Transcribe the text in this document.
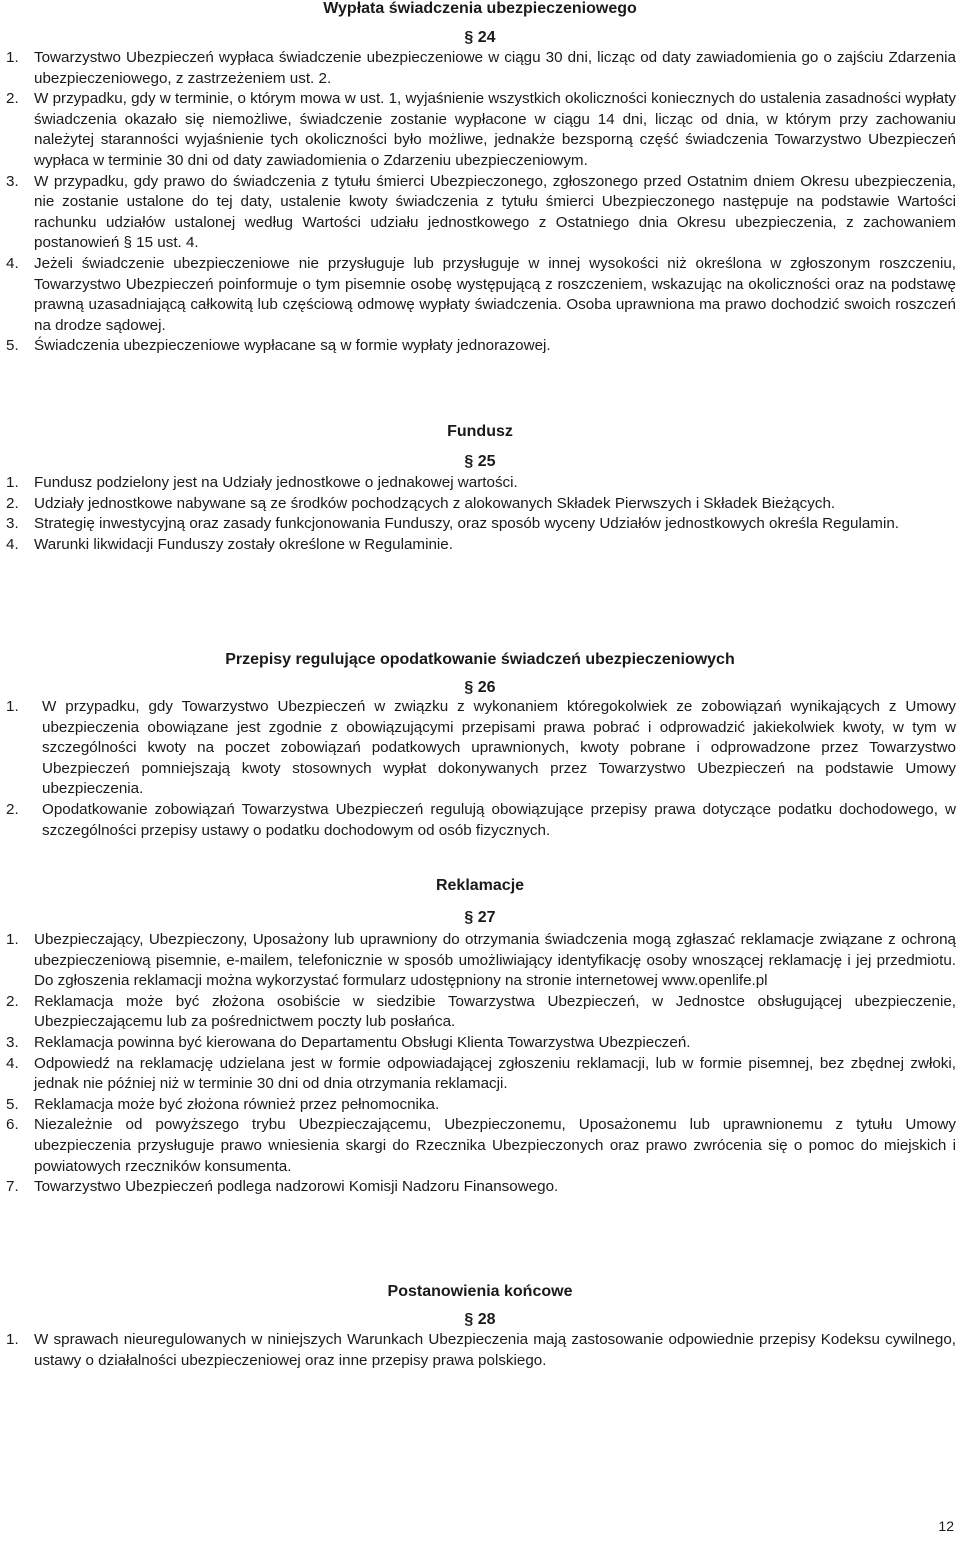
Wypłata świadczenia ubezpieczeniowego
§ 24
1. Towarzystwo Ubezpieczeń wypłaca świadczenie ubezpieczeniowe w ciągu 30 dni, licząc od daty zawiadomienia go o zajściu Zdarzenia ubezpieczeniowego, z zastrzeżeniem ust. 2.
2. W przypadku, gdy w terminie, o którym mowa w ust. 1, wyjaśnienie wszystkich okoliczności koniecznych do ustalenia zasadności wypłaty świadczenia okazało się niemożliwe, świadczenie zostanie wypłacone w ciągu 14 dni, licząc od dnia, w którym przy zachowaniu należytej staranności wyjaśnienie tych okoliczności było możliwe, jednakże bezsporną część świadczenia Towarzystwo Ubezpieczeń wypłaca w terminie 30 dni od daty zawiadomienia o Zdarzeniu ubezpieczeniowym.
3. W przypadku, gdy prawo do świadczenia z tytułu śmierci Ubezpieczonego, zgłoszonego przed Ostatnim dniem Okresu ubezpieczenia, nie zostanie ustalone do tej daty, ustalenie kwoty świadczenia z tytułu śmierci Ubezpieczonego następuje na podstawie Wartości rachunku udziałów ustalonej według Wartości udziału jednostkowego z Ostatniego dnia Okresu ubezpieczenia, z zachowaniem postanowień § 15 ust. 4.
4. Jeżeli świadczenie ubezpieczeniowe nie przysługuje lub przysługuje w innej wysokości niż określona w zgłoszonym roszczeniu, Towarzystwo Ubezpieczeń poinformuje o tym pisemnie osobę występującą z roszczeniem, wskazując na okoliczności oraz na podstawę prawną uzasadniającą całkowitą lub częściową odmowę wypłaty świadczenia. Osoba uprawniona ma prawo dochodzić swoich roszczeń na drodze sądowej.
5. Świadczenia ubezpieczeniowe wypłacane są w formie wypłaty jednorazowej.
Fundusz
§ 25
1. Fundusz podzielony jest na Udziały jednostkowe o jednakowej wartości.
2. Udziały jednostkowe nabywane są ze środków pochodzących z alokowanych Składek Pierwszych i Składek Bieżących.
3. Strategię inwestycyjną oraz zasady funkcjonowania Funduszy, oraz sposób wyceny Udziałów jednostkowych określa Regulamin.
4. Warunki likwidacji Funduszy zostały określone w Regulaminie.
Przepisy regulujące opodatkowanie świadczeń ubezpieczeniowych
§ 26
1. W przypadku, gdy Towarzystwo Ubezpieczeń w związku z wykonaniem któregokolwiek ze zobowiązań wynikających z Umowy ubezpieczenia obowiązane jest zgodnie z obowiązującymi przepisami prawa pobrać i odprowadzić jakiekolwiek kwoty, w tym w szczególności kwoty na poczet zobowiązań podatkowych uprawnionych, kwoty pobrane i odprowadzone przez Towarzystwo Ubezpieczeń pomniejszają kwoty stosownych wypłat dokonywanych przez Towarzystwo Ubezpieczeń na podstawie Umowy ubezpieczenia.
2. Opodatkowanie zobowiązań Towarzystwa Ubezpieczeń regulują obowiązujące przepisy prawa dotyczące podatku dochodowego, w szczególności przepisy ustawy o podatku dochodowym od osób fizycznych.
Reklamacje
§ 27
1. Ubezpieczający, Ubezpieczony, Uposażony lub uprawniony do otrzymania świadczenia mogą zgłaszać reklamacje związane z ochroną ubezpieczeniową pisemnie, e-mailem, telefonicznie w sposób umożliwiający identyfikację osoby wnoszącej reklamację i jej przedmiotu. Do zgłoszenia reklamacji można wykorzystać formularz udostępniony na stronie internetowej www.openlife.pl
2. Reklamacja może być złożona osobiście w siedzibie Towarzystwa Ubezpieczeń, w Jednostce obsługującej ubezpieczenie, Ubezpieczającemu lub za pośrednictwem poczty lub posłańca.
3. Reklamacja powinna być kierowana do Departamentu Obsługi Klienta Towarzystwa Ubezpieczeń.
4. Odpowiedź na reklamację udzielana jest w formie odpowiadającej zgłoszeniu reklamacji, lub w formie pisemnej, bez zbędnej zwłoki, jednak nie później niż w terminie 30 dni od dnia otrzymania reklamacji.
5. Reklamacja może być złożona również przez pełnomocnika.
6. Niezależnie od powyższego trybu Ubezpieczającemu, Ubezpieczonemu, Uposażonemu lub uprawnionemu z tytułu Umowy ubezpieczenia przysługuje prawo wniesienia skargi do Rzecznika Ubezpieczonych oraz prawo zwrócenia się o pomoc do miejskich i powiatowych rzeczników konsumenta.
7. Towarzystwo Ubezpieczeń podlega nadzorowi Komisji Nadzoru Finansowego.
Postanowienia końcowe
§ 28
1. W sprawach nieuregulowanych w niniejszych Warunkach Ubezpieczenia mają zastosowanie odpowiednie przepisy Kodeksu cywilnego, ustawy o działalności ubezpieczeniowej oraz inne przepisy prawa polskiego.
12
